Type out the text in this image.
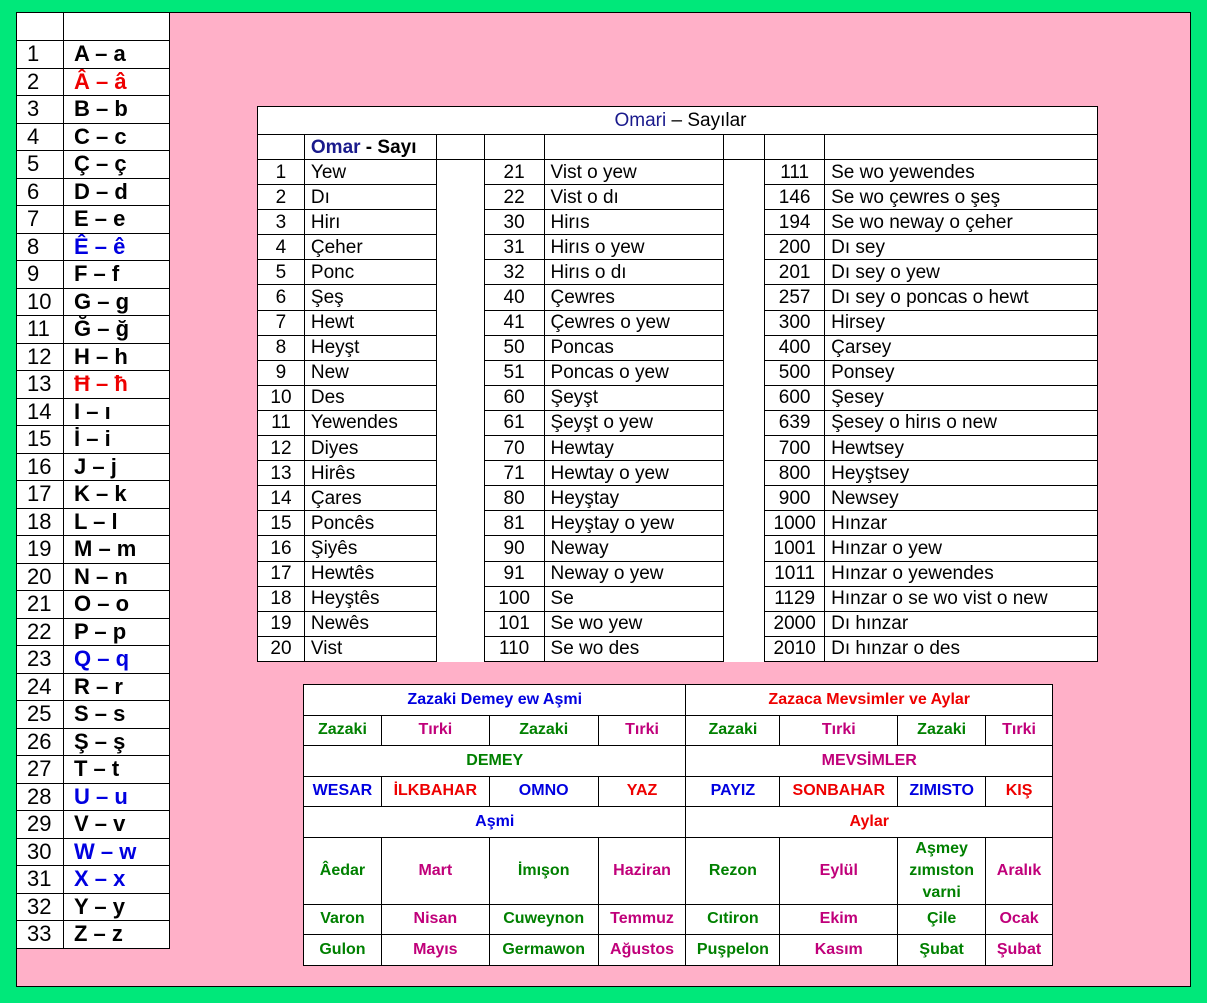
1	A – a
2	Â – â
3	B – b
4	C – c
5	Ç – ç
6	D – d
7	E – e
8	Ê – ê
9	F – f
10	G – g
11	Ğ – ğ
12	H – h
13	Ħ – ħ
14	I – ı
15	İ – i
16	J – j
17	K – k
18	L – l
19	M – m
20	N – n
21	O – o
22	P – p
23	Q – q
24	R – r
25	S – s
26	Ş – ş
27	T – t
28	U – u
29	V – v
30	W – w
31	X – x
32	Y – y
33	Z – z
Omari – Sayılar							
	Omar - Sayı						
1	Yew		21	Vist o yew		111	Se wo yewendes
2	Dı		22	Vist o dı		146	Se wo çewres o şeş
3	Hirı		30	Hirıs		194	Se wo neway o çeher
4	Çeher		31	Hirıs o yew		200	Dı sey
5	Ponc		32	Hirıs o dı		201	Dı sey o yew
6	Şeş		40	Çewres		257	Dı sey o poncas o hewt
7	Hewt		41	Çewres o yew		300	Hirsey
8	Heyşt		50	Poncas		400	Çarsey
9	New		51	Poncas o yew		500	Ponsey
10	Des		60	Şeyşt		600	Şesey
11	Yewendes		61	Şeyşt o yew		639	Şesey o hirıs o new
12	Diyes		70	Hewtay		700	Hewtsey
13	Hirês		71	Hewtay o yew		800	Heyştsey
14	Çares		80	Heyştay		900	Newsey
15	Poncês		81	Heyştay o yew		1000	Hınzar
16	Şiyês		90	Neway		1001	Hınzar o yew
17	Hewtês		91	Neway o yew		1011	Hınzar o yewendes
18	Heyştês		100	Se		1129	Hınzar o se wo vist o new
19	Newês		101	Se wo yew		2000	Dı hınzar
20	Vist		110	Se wo des		2010	Dı hınzar o des
Zazaki Demey ew Aşmi				Zazaca Mevsimler ve Aylar			
Zazaki	Tırki	Zazaki	Tırki	Zazaki	Tırki	Zazaki	Tırki
DEMEY				MEVSİMLER			
WESAR	İLKBAHAR	OMNO	YAZ	PAYIZ	SONBAHAR	ZIMISTO	KIŞ
Aşmi				Aylar			
Âedar	Mart	İmışon	Haziran	Rezon	Eylül	Aşmey zımıston varni	Aralık
Varon	Nisan	Cuweynon	Temmuz	Cıtiron	Ekim	Çile	Ocak
Gulon	Mayıs	Germawon	Ağustos	Puşpelon	Kasım	Şubat	Şubat
